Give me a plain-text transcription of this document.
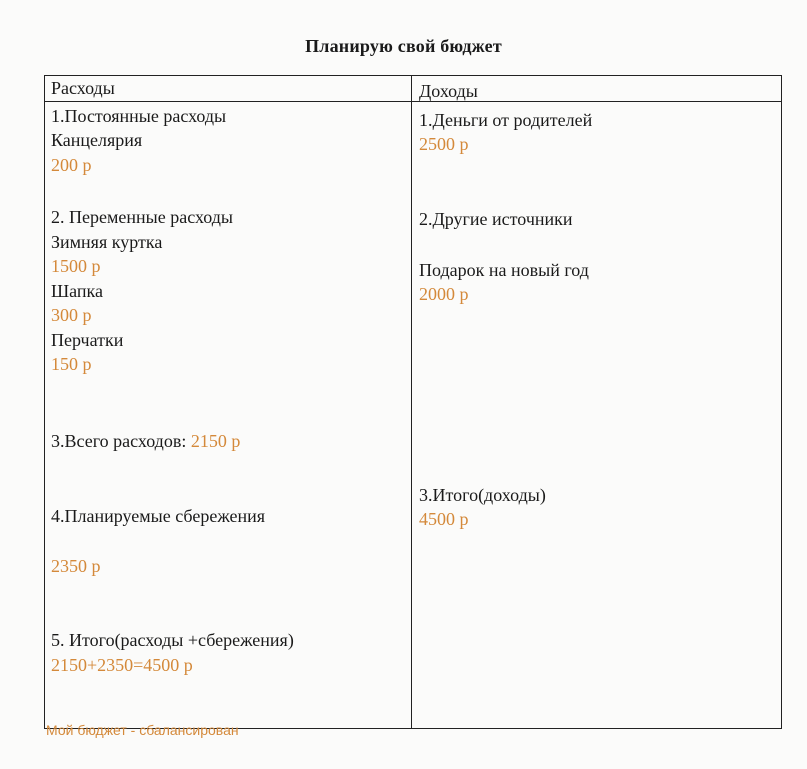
Планирую свой бюджет
Расходы
1.Постоянные расходы
Канцелярия
200 р
2. Переменные расходы
Зимняя куртка
1500 р
Шапка
300 р
Перчатки
150 р
3.Всего расходов: 2150 р
4.Планируемые сбережения
2350 р
5. Итого(расходы +сбережения)
2150+2350=4500 р
Доходы
1.Деньги от родителей
2500 р
2.Другие источники
Подарок на новый год
2000 р
3.Итого(доходы)
4500 р
Мой бюджет - сбалансирован
